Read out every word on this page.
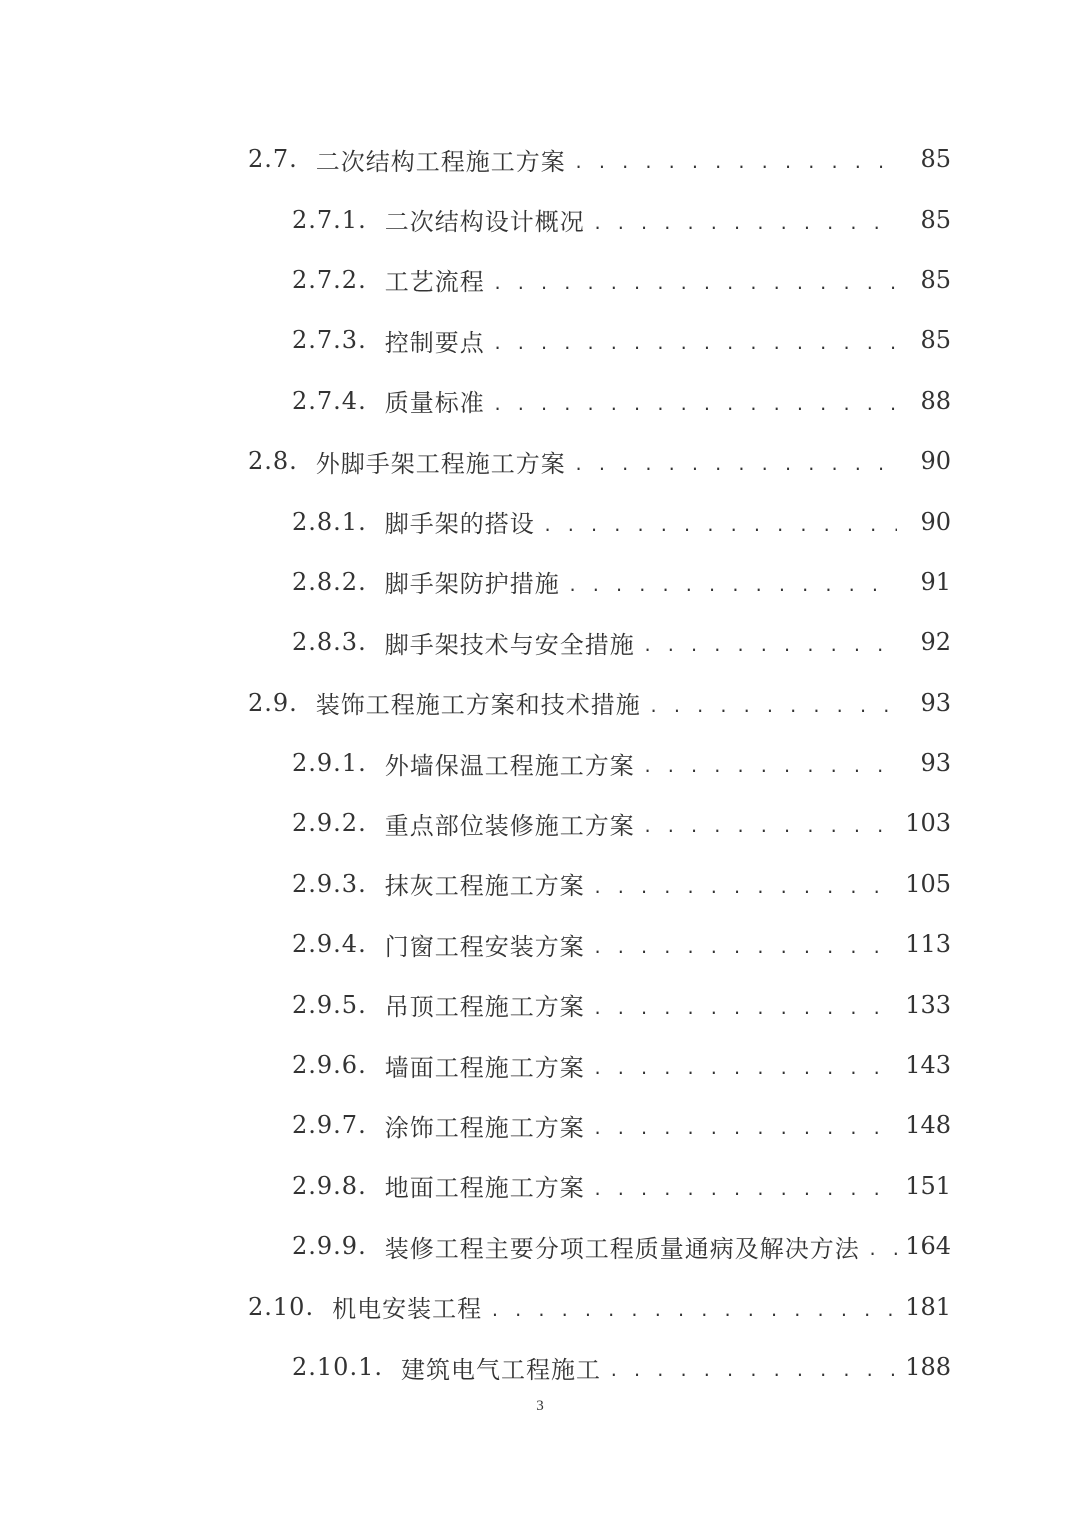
2.7. 二次结构工程施工方案 . . .	85
2.7.1. 二次结构设计概况 . . .	85
2.7.2. 工艺流程 . . .	85
2.7.3. 控制要点 . . .	85
2.7.4. 质量标准 . . .	88
2.8. 外脚手架工程施工方案 . . .	90
2.8.1. 脚手架的搭设 . . .	90
2.8.2. 脚手架防护措施 . . .	91
2.8.3. 脚手架技术与安全措施 . . .	92
2.9. 装饰工程施工方案和技术措施 . . .	93
2.9.1. 外墙保温工程施工方案 . . .	93
2.9.2. 重点部位装修施工方案 . . .	103
2.9.3. 抹灰工程施工方案 . . .	105
2.9.4. 门窗工程安装方案 . . .	113
2.9.5. 吊顶工程施工方案 . . .	133
2.9.6. 墙面工程施工方案 . . .	143
2.9.7. 涂饰工程施工方案 . . .	148
2.9.8. 地面工程施工方案 . . .	151
2.9.9. 装修工程主要分项工程质量通病及解决方法 . . . 164
2.10. 机电安装工程 . . .	181
2.10.1. 建筑电气工程施工 . . .	188
3
